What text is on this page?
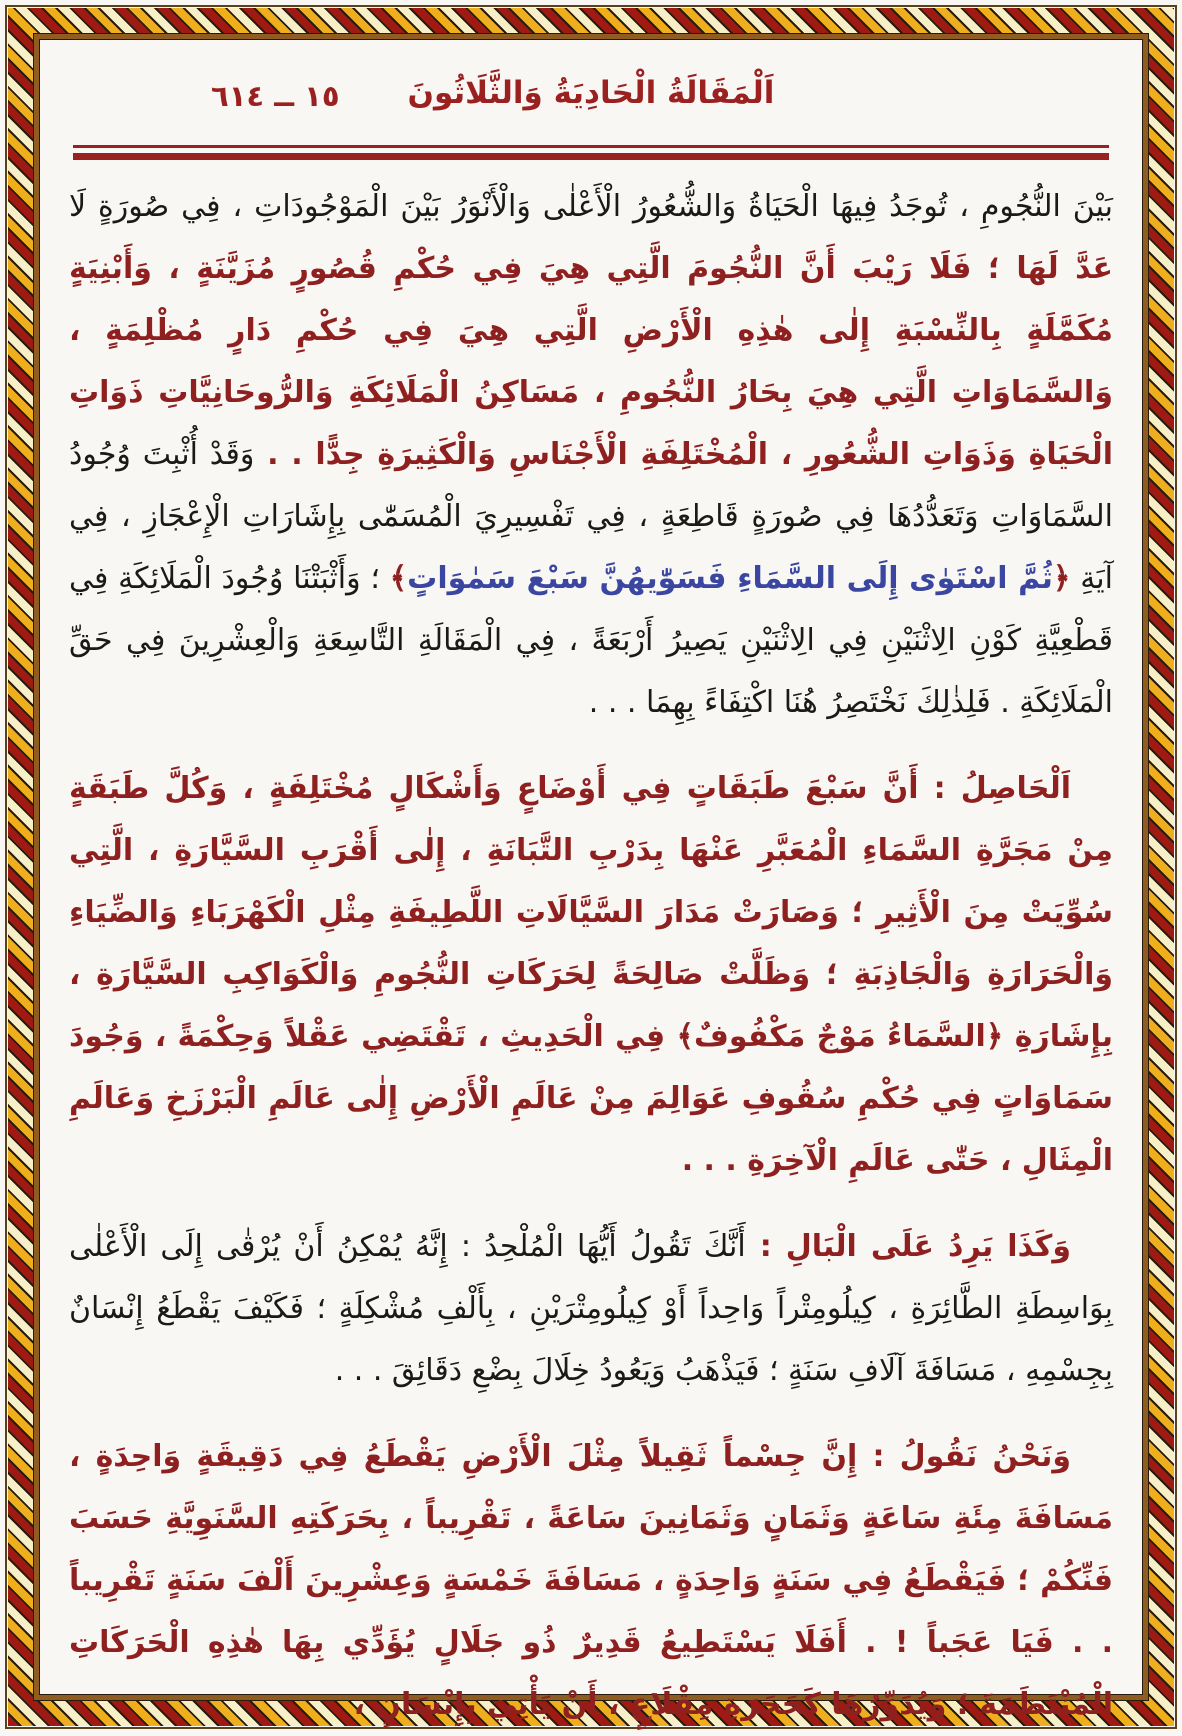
اَلْمَقَالَةُ الْحَادِيَةُ وَالثَّلَاثُونَ
١٥ ــ ٦١٤

بَيْنَ النُّجُومِ ، تُوجَدُ فِيهَا الْحَيَاةُ وَالشُّعُورُ الْأَعْلٰى وَالْأَنْوَرُ بَيْنَ الْمَوْجُودَاتِ ، فِي صُورَةٍ لَا عَدَّ لَهَا ؛ فَلَا رَيْبَ أَنَّ النُّجُومَ الَّتِي هِيَ فِي حُكْمِ قُصُورٍ مُزَيَّنَةٍ ، وَأَبْنِيَةٍ مُكَمَّلَةٍ بِالنِّسْبَةِ إِلٰى هٰذِهِ الْأَرْضِ الَّتِي هِيَ فِي حُكْمِ دَارٍ مُظْلِمَةٍ ، وَالسَّمَاوَاتِ الَّتِي هِيَ بِحَارُ النُّجُومِ ، مَسَاكِنُ الْمَلَائِكَةِ وَالرُّوحَانِيَّاتِ ذَوَاتِ الْحَيَاةِ وَذَوَاتِ الشُّعُورِ ، الْمُخْتَلِفَةِ الْأَجْنَاسِ وَالْكَثِيرَةِ جِدًّا . . وَقَدْ أُثْبِتَ وُجُودُ السَّمَاوَاتِ وَتَعَدُّدُهَا فِي صُورَةٍ قَاطِعَةٍ ، فِي تَفْسِيرِيَ الْمُسَمّٰى بِإِشَارَاتِ الْإِعْجَازِ ، فِي آيَةِ ﴿ثُمَّ اسْتَوٰى إِلَى السَّمَاءِ فَسَوّٰيهُنَّ سَبْعَ سَمٰوَاتٍ﴾ ؛ وَأَثْبَتْنَا وُجُودَ الْمَلَائِكَةِ فِي قَطْعِيَّةِ كَوْنِ الِاثْنَيْنِ فِي الِاثْنَيْنِ يَصِيرُ أَرْبَعَةً ، فِي الْمَقَالَةِ التَّاسِعَةِ وَالْعِشْرِينَ فِي حَقِّ الْمَلَائِكَةِ . فَلِذٰلِكَ نَخْتَصِرُ هُنَا اكْتِفَاءً بِهِمَا . . .

اَلْحَاصِلُ : أَنَّ سَبْعَ طَبَقَاتٍ فِي أَوْضَاعٍ وَأَشْكَالٍ مُخْتَلِفَةٍ ، وَكُلَّ طَبَقَةٍ مِنْ مَجَرَّةِ السَّمَاءِ الْمُعَبَّرِ عَنْهَا بِدَرْبِ التَّبَانَةِ ، إِلٰى أَقْرَبِ السَّيَّارَةِ ، الَّتِي سُوِّيَتْ مِنَ الْأَثِيرِ ؛ وَصَارَتْ مَدَارَ السَّيَّالَاتِ اللَّطِيفَةِ مِثْلِ الْكَهْرَبَاءِ وَالضِّيَاءِ وَالْحَرَارَةِ وَالْجَاذِبَةِ ؛ وَظَلَّتْ صَالِحَةً لِحَرَكَاتِ النُّجُومِ وَالْكَوَاكِبِ السَّيَّارَةِ ، بِإِشَارَةِ ﴿السَّمَاءُ مَوْجٌ مَكْفُوفٌ﴾ فِي الْحَدِيثِ ، تَقْتَضِي عَقْلاً وَحِكْمَةً ، وَجُودَ سَمَاوَاتٍ فِي حُكْمِ سُقُوفِ عَوَالِمَ مِنْ عَالَمِ الْأَرْضِ إِلٰى عَالَمِ الْبَرْزَخِ وَعَالَمِ الْمِثَالِ ، حَتّٰى عَالَمِ الْآخِرَةِ . . .

وَكَذَا يَرِدُ عَلَى الْبَالِ : أَنَّكَ تَقُولُ أَيُّهَا الْمُلْحِدُ : إِنَّهُ يُمْكِنُ أَنْ يُرْقٰى إِلَى الْأَعْلٰى بِوَاسِطَةِ الطَّائِرَةِ ، كِيلُومِتْراً وَاحِداً أَوْ كِيلُومِتْرَيْنِ ، بِأَلْفِ مُشْكِلَةٍ ؛ فَكَيْفَ يَقْطَعُ إِنْسَانٌ بِجِسْمِهِ ، مَسَافَةَ آلَافِ سَنَةٍ ؛ فَيَذْهَبُ وَيَعُودُ خِلَالَ بِضْعِ دَقَائِقَ . . .

وَنَحْنُ نَقُولُ : إِنَّ جِسْماً ثَقِيلاً مِثْلَ الْأَرْضِ يَقْطَعُ فِي دَقِيقَةٍ وَاحِدَةٍ ، مَسَافَةَ مِئَةِ سَاعَةٍ وَثَمَانٍ وَثَمَانِينَ سَاعَةً ، تَقْرِيباً ، بِحَرَكَتِهِ السَّنَوِيَّةِ حَسَبَ فَنِّكُمْ ؛ فَيَقْطَعُ فِي سَنَةٍ وَاحِدَةٍ ، مَسَافَةَ خَمْسَةٍ وَعِشْرِينَ أَلْفَ سَنَةٍ تَقْرِيباً . . فَيَا عَجَباً ! . أَفَلَا يَسْتَطِيعُ قَدِيرٌ ذُو جَلَالٍ يُؤَدِّي بِهَا هٰذِهِ الْحَرَكَاتِ الْمُنْتَظَمَةَ ؛ وَيُدَوِّرُهَا كَحَجَرَةِ مِقْلَاعٍ ، أَنْ يَأْتِيَ بِإِنْسَانٍ ،
